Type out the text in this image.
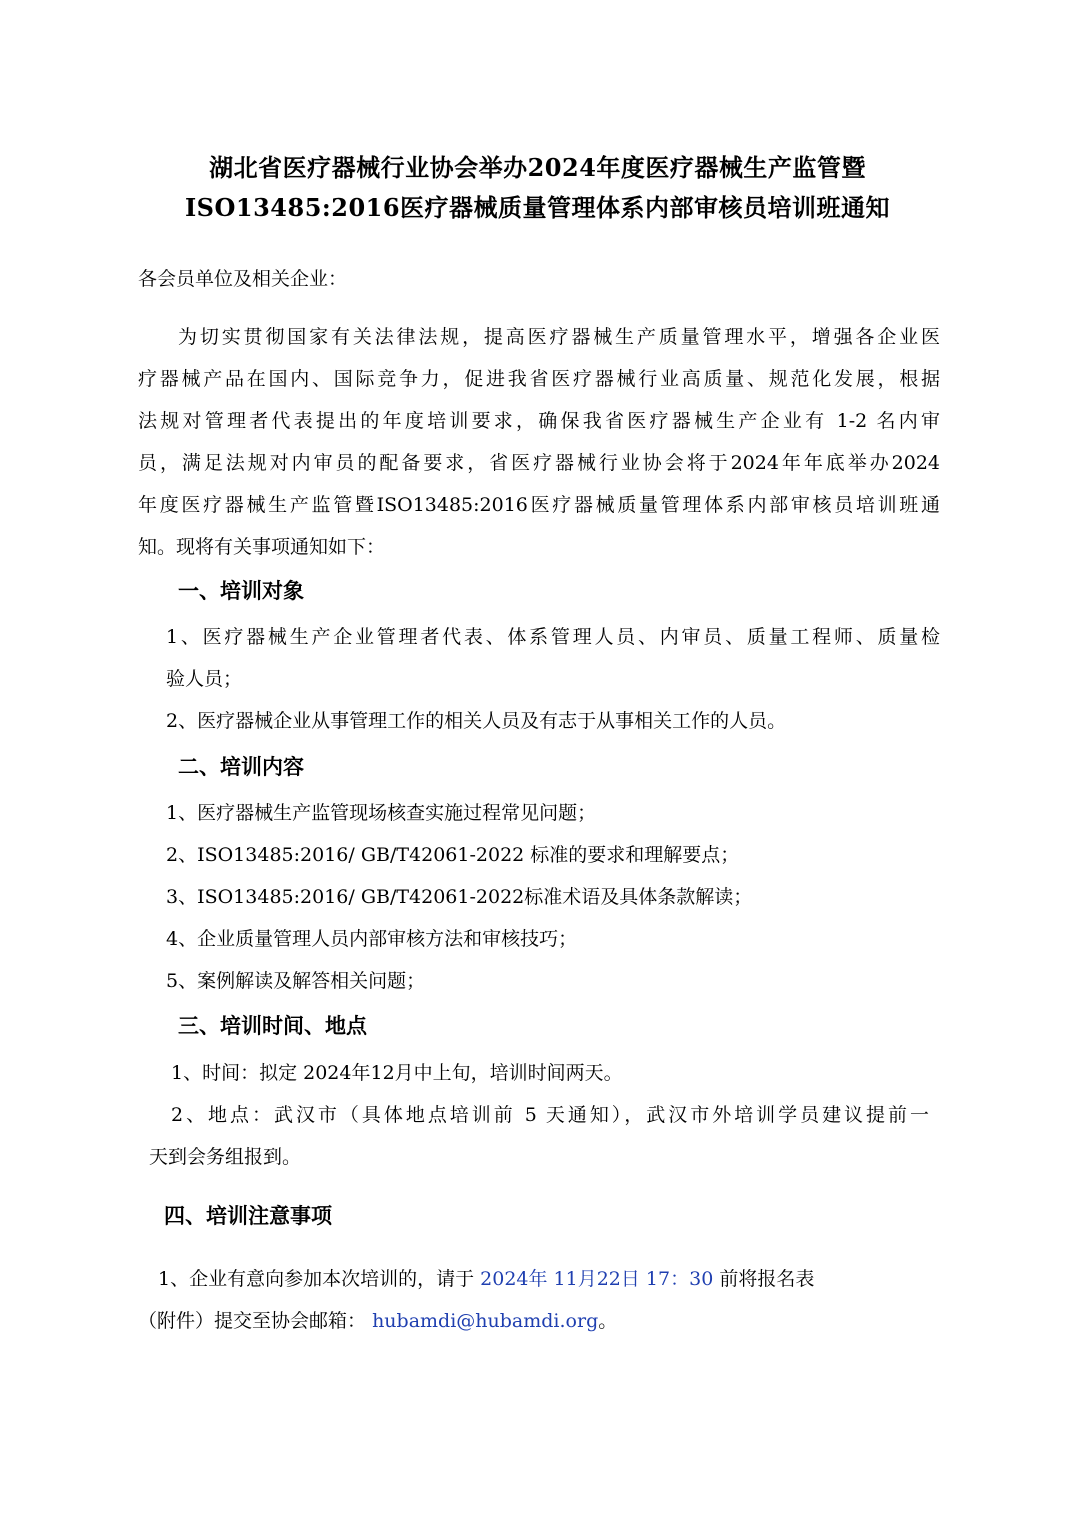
湖北省医疗器械行业协会举办2024年度医疗器械生产监管暨
ISO13485:2016医疗器械质量管理体系内部审核员培训班通知
各会员单位及相关企业：
为切实贯彻国家有关法律法规，提高医疗器械生产质量管理水平，增强各企业医
疗器械产品在国内、国际竞争力，促进我省医疗器械行业高质量、规范化发展，根据
法规对管理者代表提出的年度培训要求，确保我省医疗器械生产企业有 1-2 名内审
员，满足法规对内审员的配备要求，省医疗器械行业协会将于2024年年底举办2024
年度医疗器械生产监管暨ISO13485:2016医疗器械质量管理体系内部审核员培训班通
知。现将有关事项通知如下：
一、培训对象
1、医疗器械生产企业管理者代表、体系管理人员、内审员、质量工程师、质量检
验人员；
2、医疗器械企业从事管理工作的相关人员及有志于从事相关工作的人员。
二、培训内容
1、医疗器械生产监管现场核查实施过程常见问题；
2、ISO13485:2016/ GB/T42061-2022 标准的要求和理解要点；
3、ISO13485:2016/ GB/T42061-2022标准术语及具体条款解读；
4、企业质量管理人员内部审核方法和审核技巧；
5、案例解读及解答相关问题；
三、培训时间、地点
1、时间：拟定 2024年12月中上旬，培训时间两天。
2、地点：武汉市（具体地点培训前 5 天通知），武汉市外培训学员建议提前一
天到会务组报到。
四、培训注意事项
1、企业有意向参加本次培训的，请于 2024年 11月22日 17：30 前将报名表
（附件）提交至协会邮箱： hubamdi@hubamdi.org。
